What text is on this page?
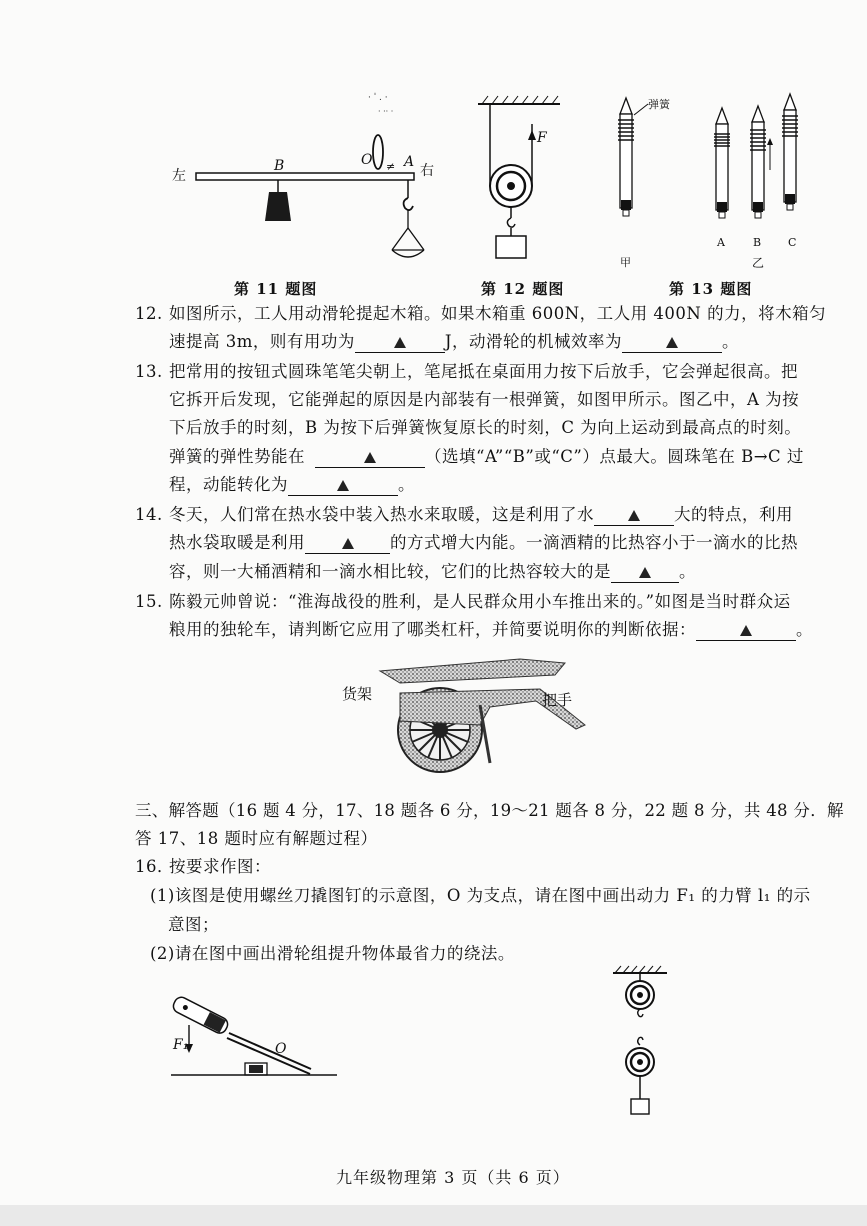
· ˈ . ·
· ·· ·
≠
左	右
B	O A
第 11 题图
F
第 12 题图
弹簧
A	B C
甲	乙
第 13 题图
12. 如图所示，工人用动滑轮提起木箱。如果木箱重 600N，工人用 400N 的力，将木箱匀
速提高 3m，则有用功为	J，动滑轮的机械效率为	。
13. 把常用的按钮式圆珠笔笔尖朝上，笔尾抵在桌面用力按下后放手，它会弹起很高。把
它拆开后发现，它能弹起的原因是内部装有一根弹簧，如图甲所示。图乙中，A 为按
下后放手的时刻，B 为按下后弹簧恢复原长的时刻，C 为向上运动到最高点的时刻。
弹簧的弹性势能在	（选填“A”“B”或“C”）点最大。圆珠笔在 B→C 过
程，动能转化为	。
14. 冬天，人们常在热水袋中装入热水来取暖，这是利用了水	大的特点，利用
热水袋取暖是利用	的方式增大内能。一滴酒精的比热容小于一滴水的比热
容，则一大桶酒精和一滴水相比较，它们的比热容较大的是	。
15. 陈毅元帅曾说：“淮海战役的胜利，是人民群众用小车推出来的。”如图是当时群众运
粮用的独轮车，请判断它应用了哪类杠杆，并简要说明你的判断依据：	。
货架	把手
三、解答题（16 题 4 分，17、18 题各 6 分，19～21 题各 8 分，22 题 8 分，共 48 分．解
答 17、18 题时应有解题过程）
16．按要求作图：
(1)该图是使用螺丝刀撬图钉的示意图，O 为支点，请在图中画出动力 F₁ 的力臂 l₁ 的示
意图；
(2)请在图中画出滑轮组提升物体最省力的绕法。
F₁	O
九年级物理第 3 页（共 6 页）
